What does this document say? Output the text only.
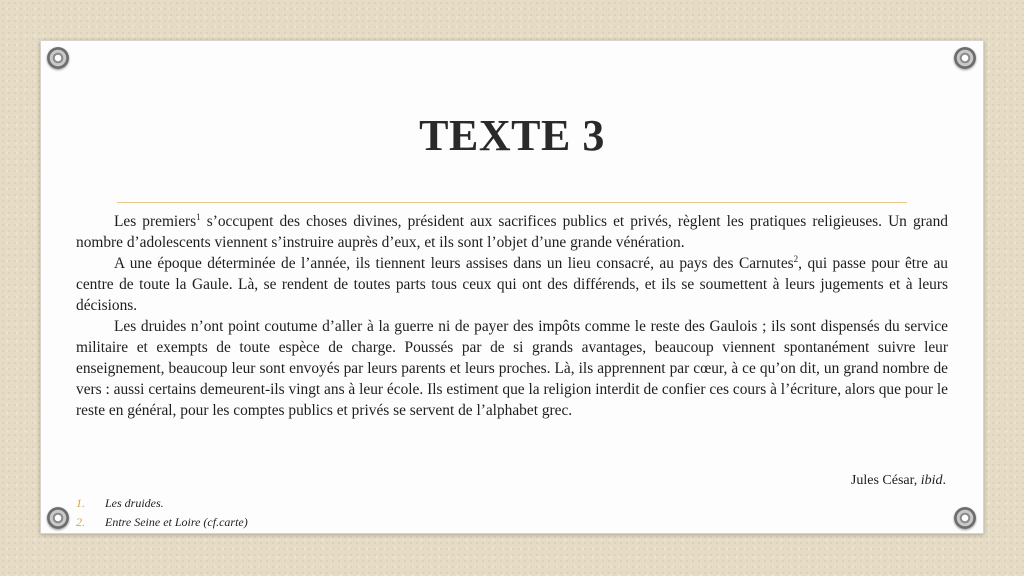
TEXTE 3

Les premiers$^1$ s’occupent des choses divines, président aux sacrifices publics et privés, règlent les pratiques religieuses. Un grand nombre d’adolescents viennent s’instruire auprès d’eux, et ils sont l’objet d’une grande vénération.

A une époque déterminée de l’année, ils tiennent leurs assises dans un lieu consacré, au pays des Carnutes$^2$, qui passe pour être au centre de toute la Gaule. Là, se rendent de toutes parts tous ceux qui ont des différends, et ils se soumettent à leurs jugements et à leurs décisions.

Les druides n’ont point coutume d’aller à la guerre ni de payer des impôts comme le reste des Gaulois ; ils sont dispensés du service militaire et exempts de toute espèce de charge. Poussés par de si grands avantages, beaucoup viennent spontanément suivre leur enseignement, beaucoup leur sont envoyés par leurs parents et leurs proches. Là, ils apprennent par cœur, à ce qu’on dit, un grand nombre de vers : aussi certains demeurent-ils vingt ans à leur école. Ils estiment que la religion interdit de confier ces cours à l’écriture, alors que pour le reste en général, pour les comptes publics et privés se servent de l’alphabet grec.

Jules César, ibid.
1.	Les druides.
2.	Entre Seine et Loire (cf.carte)
